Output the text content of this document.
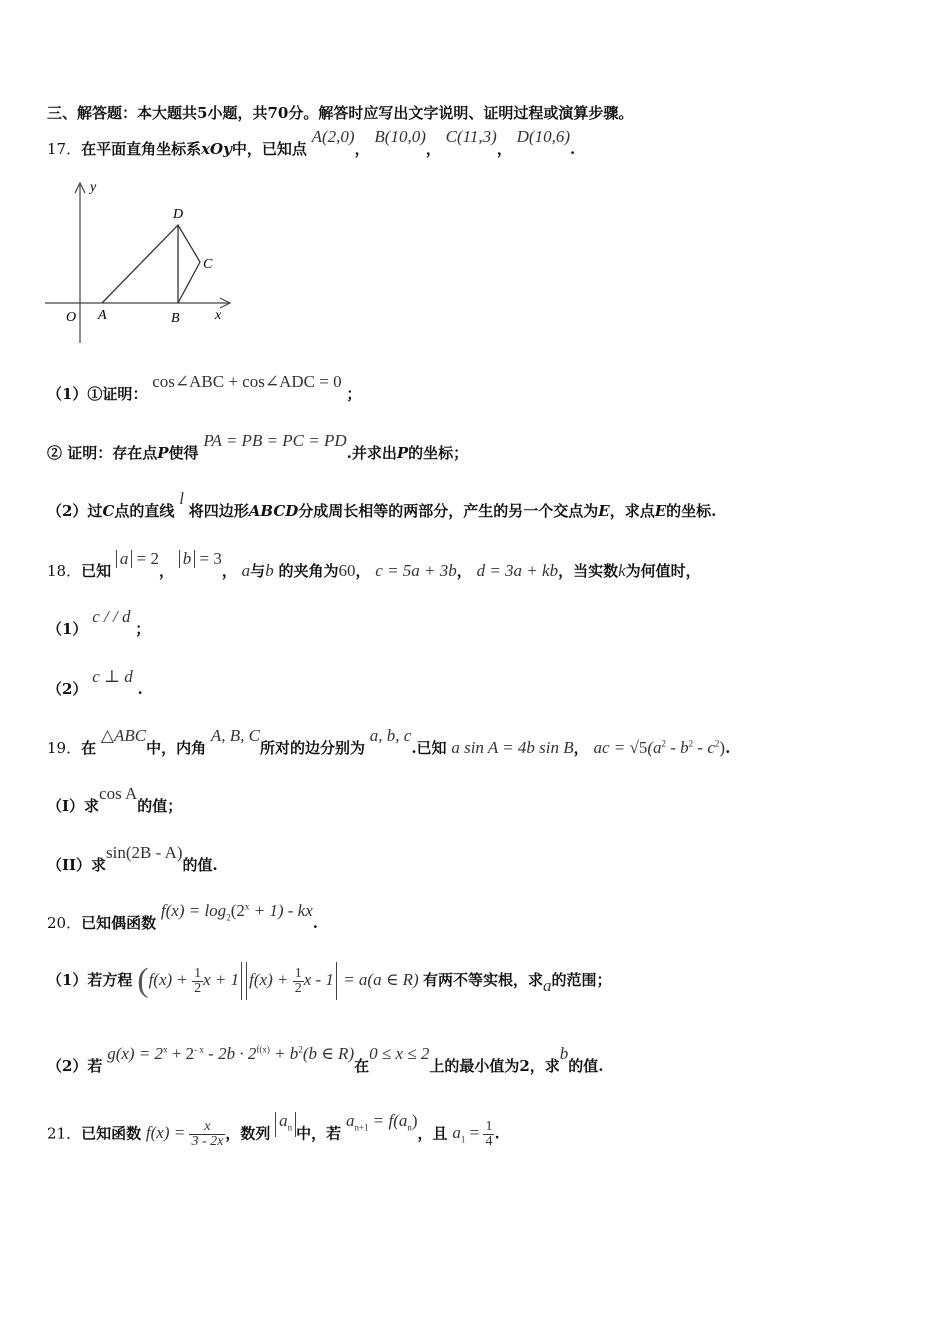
三、解答题：本大题共5小题，共70分。解答时应写出文字说明、证明过程或演算步骤。
17．在平面直角坐标系xOy中，已知点 A(2,0)， B(10,0)， C(11,3)， D(10,6).
y
x
O A	B
C
D
（1）①证明： cos∠ABC + cos∠ADC = 0 ；
② 证明：存在点P使得 PA = PB = PC = PD.并求出P的坐标；
（2）过C点的直线 l 将四边形ABCD分成周长相等的两部分，产生的另一个交点为E，求点E的坐标.
18．已知 a = 2， b = 3， a与b 的夹角为60， c = 5a + 3b， d = 3a + kb，当实数k为何值时，
（1） c / / d ；
（2） c ⊥ d .
19．在 △ABC中，内角 A, B, C所对的边分别为 a, b, c.已知 a sin A = 4b sin B， ac = $√5(a^2 - b^2 - c^2)$.
（I）求cos A的值；
（II）求sin(2B - A)的值.
20．已知偶函数 $f(x) = \log_2(2^x + 1)$ - kx.
（1）若方程 ($f(x) + \frac{1}{2}$ x + 1 $f(x) + \frac{1}{2}$ x - 1 = a(a ∈ R) 有两不等实根，求a的范围；
（2）若 $g(x) = 2^x + 2^{- x} - 2b \cdot 2^{f(x)} + b^2(b$ ∈ R)在0 ≤ x ≤ 2上的最小值为2，求b的值.
21．已知函数 $f(x) = \frac{x}{3 - 2x}$ ，数列 $a_n$ 中，若 $a_{n+1} = f(a_n)$，且 $a_1 = \frac{1}{4}$ .
